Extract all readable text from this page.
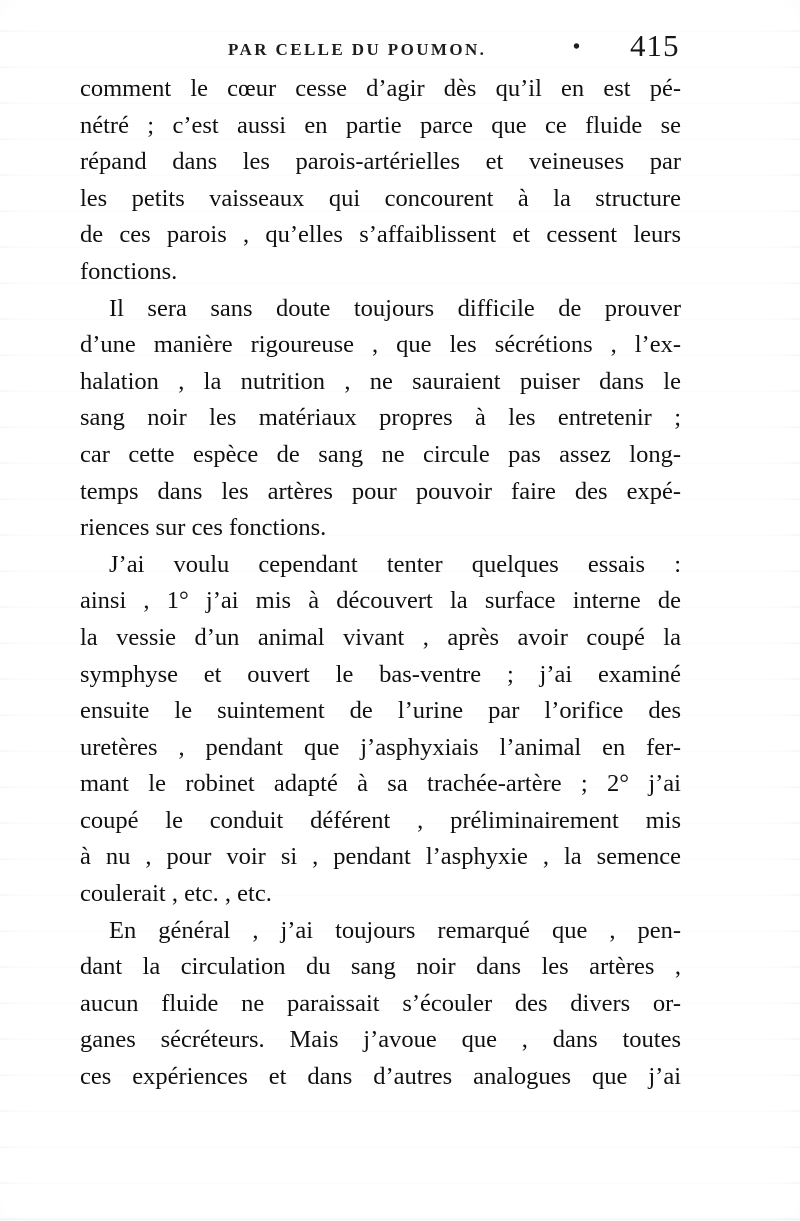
PAR CELLE DU POUMON.	• 415
comment le cœur cesse d’agir dès qu’il en est pé-
nétré ; c’est aussi en partie parce que ce fluide se
répand dans les parois-artérielles et veineuses par
les petits vaisseaux qui concourent à la structure
de ces parois , qu’elles s’affaiblissent et cessent leurs
fonctions.
Il sera sans doute toujours difficile de prouver
d’une manière rigoureuse , que les sécrétions , l’ex-
halation , la nutrition , ne sauraient puiser dans le
sang noir les matériaux propres à les entretenir ;
car cette espèce de sang ne circule pas assez long-
temps dans les artères pour pouvoir faire des expé-
riences sur ces fonctions.
J’ai voulu cependant tenter quelques essais :
ainsi , 1° j’ai mis à découvert la surface interne de
la vessie d’un animal vivant , après avoir coupé la
symphyse et ouvert le bas-ventre ; j’ai examiné
ensuite le suintement de l’urine par l’orifice des
uretères , pendant que j’asphyxiais l’animal en fer-
mant le robinet adapté à sa trachée-artère ; 2° j’ai
coupé le conduit déférent , préliminairement mis
à nu , pour voir si , pendant l’asphyxie , la semence
coulerait , etc. , etc.
En général , j’ai toujours remarqué que , pen-
dant la circulation du sang noir dans les artères ,
aucun fluide ne paraissait s’écouler des divers or-
ganes sécréteurs. Mais j’avoue que , dans toutes
ces expériences et dans d’autres analogues que j’ai
